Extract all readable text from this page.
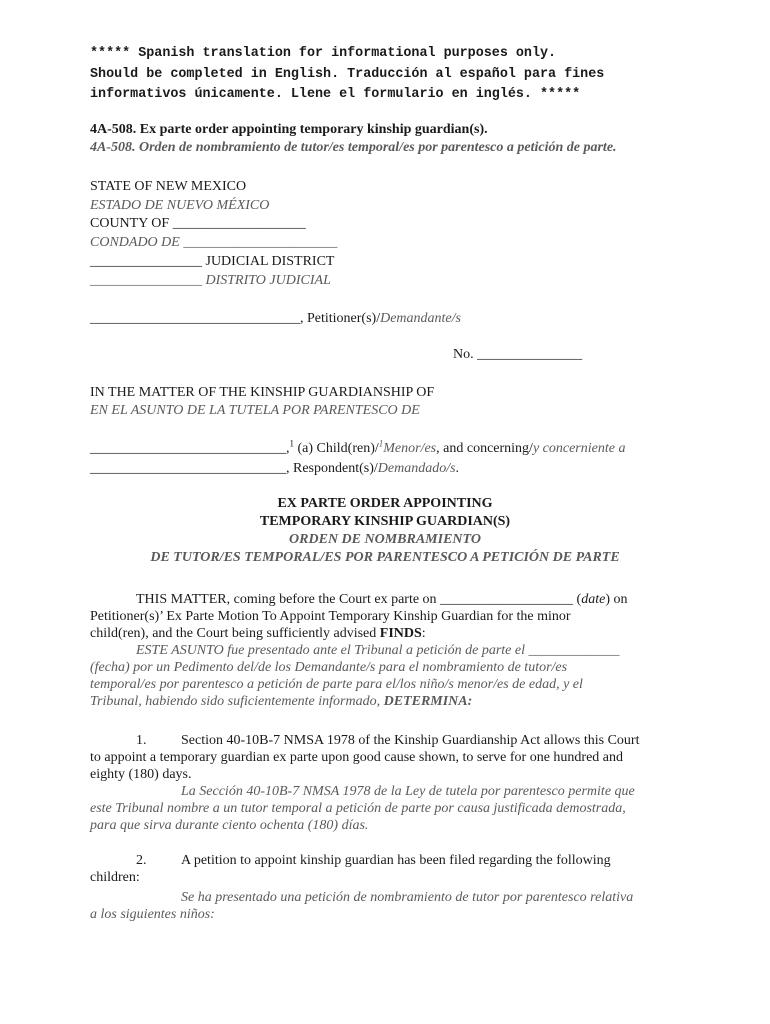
***** Spanish translation for informational purposes only.
Should be completed in English. Traducción al español para fines
informativos únicamente. Llene el formulario en inglés. *****
4A-508. Ex parte order appointing temporary kinship guardian(s).
4A-508. Orden de nombramiento de tutor/es temporal/es por parentesco a petición de parte.
STATE OF NEW MEXICO
ESTADO DE NUEVO MÉXICO
COUNTY OF ___________________
CONDADO DE ______________________
________________ JUDICIAL DISTRICT
________________ DISTRITO JUDICIAL
______________________________, Petitioner(s)/Demandante/s
No. _______________
IN THE MATTER OF THE KINSHIP GUARDIANSHIP OF
EN EL ASUNTO DE LA TUTELA POR PARENTESCO DE
____________________________,$^1$ (a) Child(ren)/$^1$Menor/es, and concerning/y concerniente a
____________________________, Respondent(s)/Demandado/s.
EX PARTE ORDER APPOINTING
TEMPORARY KINSHIP GUARDIAN(S)
ORDEN DE NOMBRAMIENTO
DE TUTOR/ES TEMPORAL/ES POR PARENTESCO A PETICIÓN DE PARTE
THIS MATTER, coming before the Court ex parte on ___________________ (date) on
Petitioner(s)’ Ex Parte Motion To Appoint Temporary Kinship Guardian for the minor
child(ren), and the Court being sufficiently advised FINDS:
ESTE ASUNTO fue presentado ante el Tribunal a petición de parte el _____________
(fecha) por un Pedimento del/de los Demandante/s para el nombramiento de tutor/es
temporal/es por parentesco a petición de parte para el/los niño/s menor/es de edad, y el
Tribunal, habiendo sido suficientemente informado, DETERMINA:
1. Section 40-10B-7 NMSA 1978 of the Kinship Guardianship Act allows this Court
to appoint a temporary guardian ex parte upon good cause shown, to serve for one hundred and
eighty (180) days.
La Sección 40-10B-7 NMSA 1978 de la Ley de tutela por parentesco permite que
este Tribunal nombre a un tutor temporal a petición de parte por causa justificada demostrada,
para que sirva durante ciento ochenta (180) días.
2. A petition to appoint kinship guardian has been filed regarding the following
children:
Se ha presentado una petición de nombramiento de tutor por parentesco relativa
a los siguientes niños:
